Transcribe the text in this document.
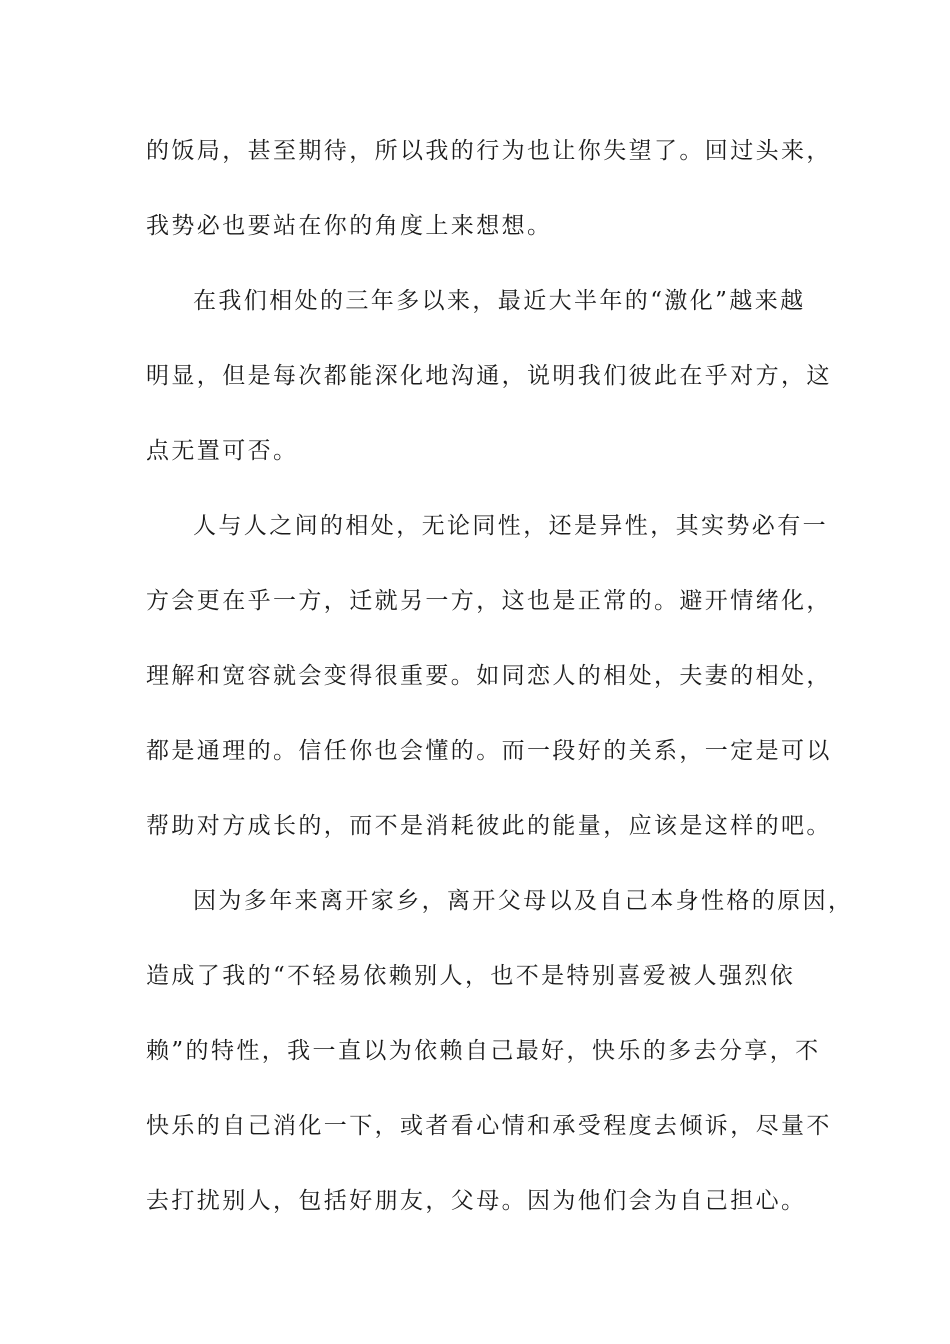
的饭局，甚至期待，所以我的行为也让你失望了。回过头来，
我势必也要站在你的角度上来想想。
在我们相处的三年多以来，最近大半年的“激化”越来越
明显，但是每次都能深化地沟通，说明我们彼此在乎对方，这
点无置可否。
人与人之间的相处，无论同性，还是异性，其实势必有一
方会更在乎一方，迁就另一方，这也是正常的。避开情绪化，
理解和宽容就会变得很重要。如同恋人的相处，夫妻的相处，
都是通理的。信任你也会懂的。而一段好的关系，一定是可以
帮助对方成长的，而不是消耗彼此的能量，应该是这样的吧。
因为多年来离开家乡，离开父母以及自己本身性格的原因，
造成了我的“不轻易依赖别人，也不是特别喜爱被人强烈依
赖”的特性，我一直以为依赖自己最好，快乐的多去分享，不
快乐的自己消化一下，或者看心情和承受程度去倾诉，尽量不
去打扰别人，包括好朋友，父母。因为他们会为自己担心。
